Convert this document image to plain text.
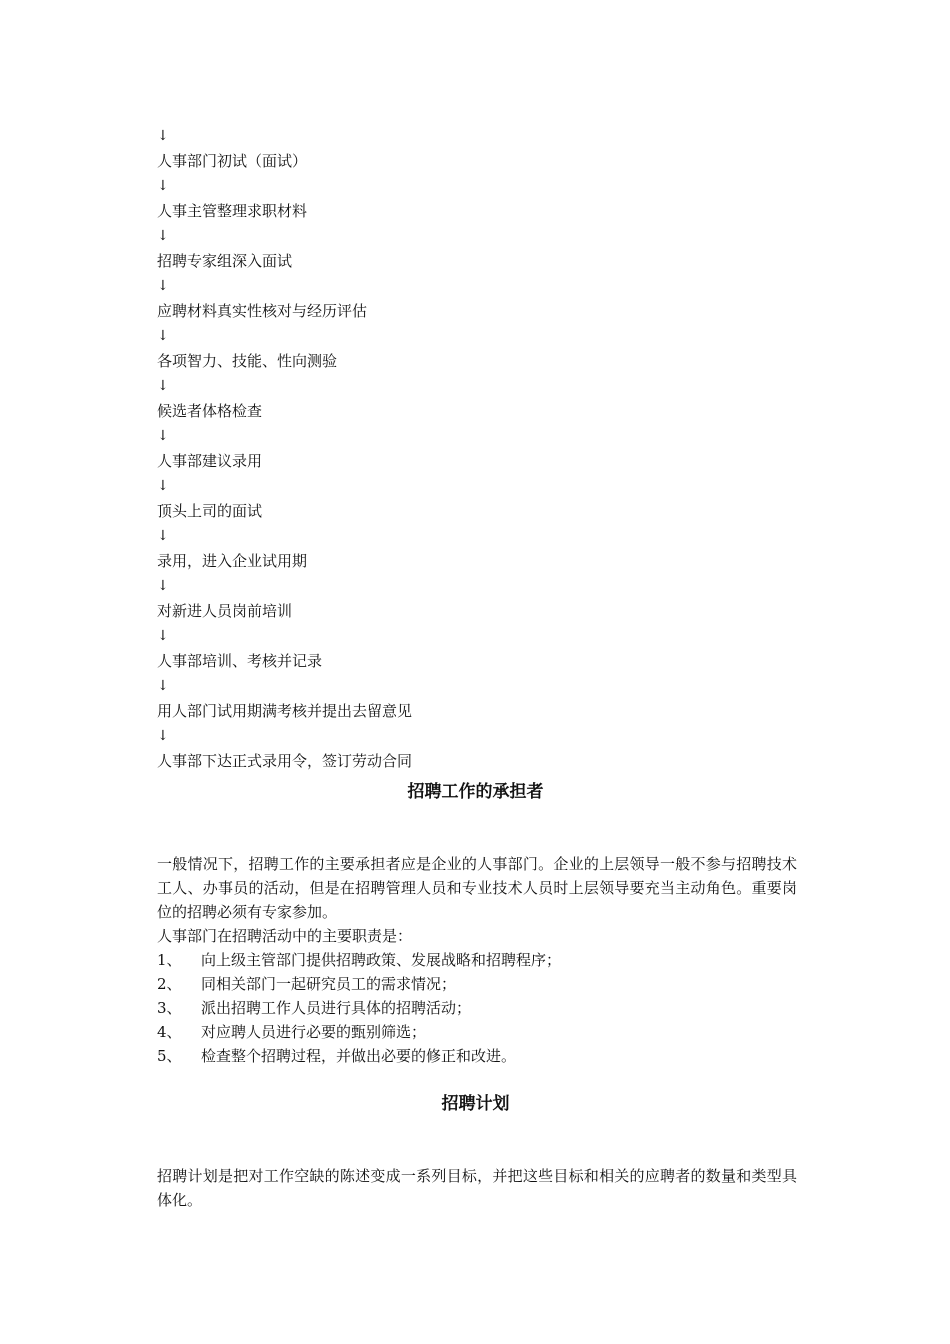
↓
人事部门初试（面试）
↓
人事主管整理求职材料
↓
招聘专家组深入面试
↓
应聘材料真实性核对与经历评估
↓
各项智力、技能、性向测验
↓
候选者体格检查
↓
人事部建议录用
↓
顶头上司的面试
↓
录用，进入企业试用期
↓
对新进人员岗前培训
↓
人事部培训、考核并记录
↓
用人部门试用期满考核并提出去留意见
↓
人事部下达正式录用令，签订劳动合同
招聘工作的承担者

一般情况下，招聘工作的主要承担者应是企业的人事部门。企业的上层领导一般不参与招聘技术工人、办事员的活动，但是在招聘管理人员和专业技术人员时上层领导要充当主动角色。重要岗位的招聘必须有专家参加。

人事部门在招聘活动中的主要职责是：
1、	向上级主管部门提供招聘政策、发展战略和招聘程序；
2、	同相关部门一起研究员工的需求情况；
3、	派出招聘工作人员进行具体的招聘活动；
4、	对应聘人员进行必要的甄别筛选；
5、	检查整个招聘过程，并做出必要的修正和改进。
招聘计划

招聘计划是把对工作空缺的陈述变成一系列目标，并把这些目标和相关的应聘者的数量和类型具体化。
